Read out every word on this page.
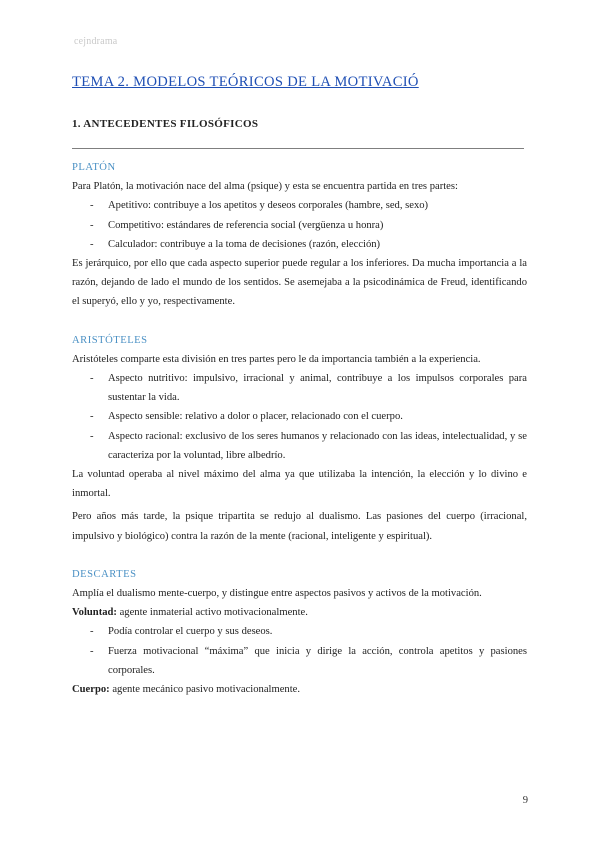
cejndrama
TEMA 2. MODELOS TEÓRICOS DE LA MOTIVACIÓ
1. ANTECEDENTES FILOSÓFICOS
PLATÓN

Para Platón, la motivación nace del alma (psique) y esta se encuentra partida en tres partes:

- Apetitivo: contribuye a los apetitos y deseos corporales (hambre, sed, sexo)
- Competitivo: estándares de referencia social (vergüenza u honra)
- Calculador: contribuye a la toma de decisiones (razón, elección)

Es jerárquico, por ello que cada aspecto superior puede regular a los inferiores. Da mucha importancia a la razón, dejando de lado el mundo de los sentidos. Se asemejaba a la psicodinámica de Freud, identificando el superyó, ello y yo, respectivamente.

ARISTÓTELES

Aristóteles comparte esta división en tres partes pero le da importancia también a la experiencia.

- Aspecto nutritivo: impulsivo, irracional y animal, contribuye a los impulsos corporales para sustentar la vida.
- Aspecto sensible: relativo a dolor o placer, relacionado con el cuerpo.
- Aspecto racional: exclusivo de los seres humanos y relacionado con las ideas, intelectualidad, y se caracteriza por la voluntad, libre albedrío.

La voluntad operaba al nivel máximo del alma ya que utilizaba la intención, la elección y lo divino e inmortal.

Pero años más tarde, la psique tripartita se redujo al dualismo. Las pasiones del cuerpo (irracional, impulsivo y biológico) contra la razón de la mente (racional, inteligente y espiritual).

DESCARTES

Amplía el dualismo mente-cuerpo, y distingue entre aspectos pasivos y activos de la motivación.

Voluntad: agente inmaterial activo motivacionalmente.

- Podía controlar el cuerpo y sus deseos.
- Fuerza motivacional “máxima” que inicia y dirige la acción, controla apetitos y pasiones corporales.

Cuerpo: agente mecánico pasivo motivacionalmente.

9
